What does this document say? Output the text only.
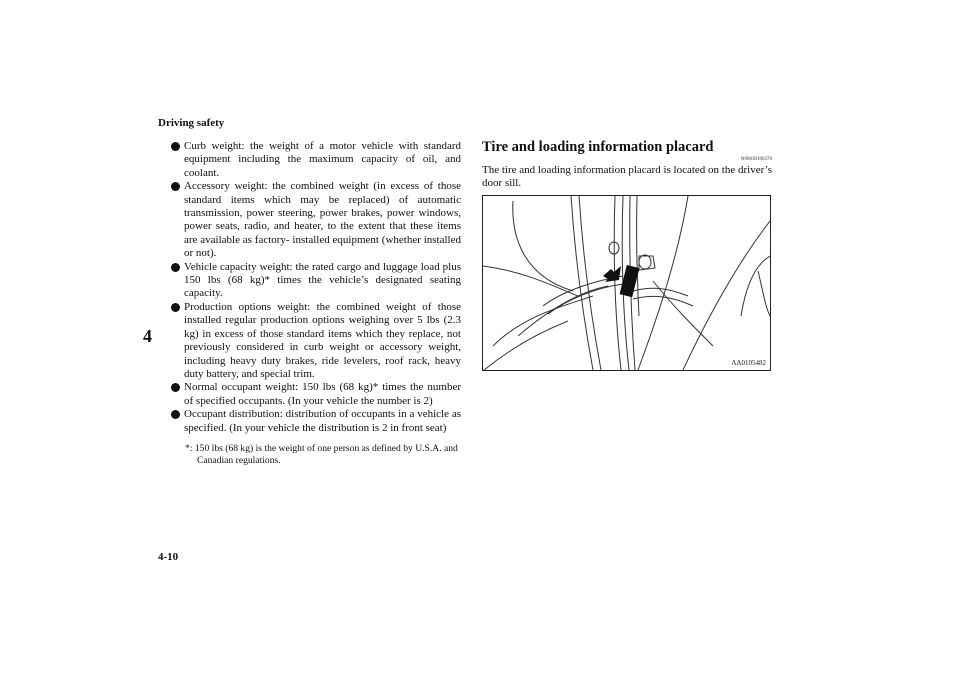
Driving safety
4
4-10
Curb weight: the weight of a motor vehicle with standard equipment including the maximum capacity of oil, and coolant.
Accessory weight: the combined weight (in excess of those standard items which may be replaced) of automatic transmission, power steering, power brakes, power windows, power seats, radio, and heater, to the extent that these items are available as factory- installed equipment (whether installed or not).
Vehicle capacity weight: the rated cargo and luggage load plus 150 lbs (68 kg)* times the vehicle’s designated seating capacity.
Production options weight: the combined weight of those installed regular production options weighing over 5 lbs (2.3 kg) in excess of those standard items which they replace, not previously considered in curb weight or accessory weight, including heavy duty brakes, ride levelers, roof rack, heavy duty battery, and special trim.
Normal occupant weight: 150 lbs (68 kg)* times the number of specified occupants. (In your vehicle the number is 2)
Occupant distribution: distribution of occupants in a vehicle as specified. (In your vehicle the distribution is 2 in front seat)
*: 150 lbs (68 kg) is the weight of one person as defined by U.S.A. and Canadian regulations.
Tire and loading information placard
N00630100370
The tire and loading information placard is located on the driver’s door sill.
AA0105482
